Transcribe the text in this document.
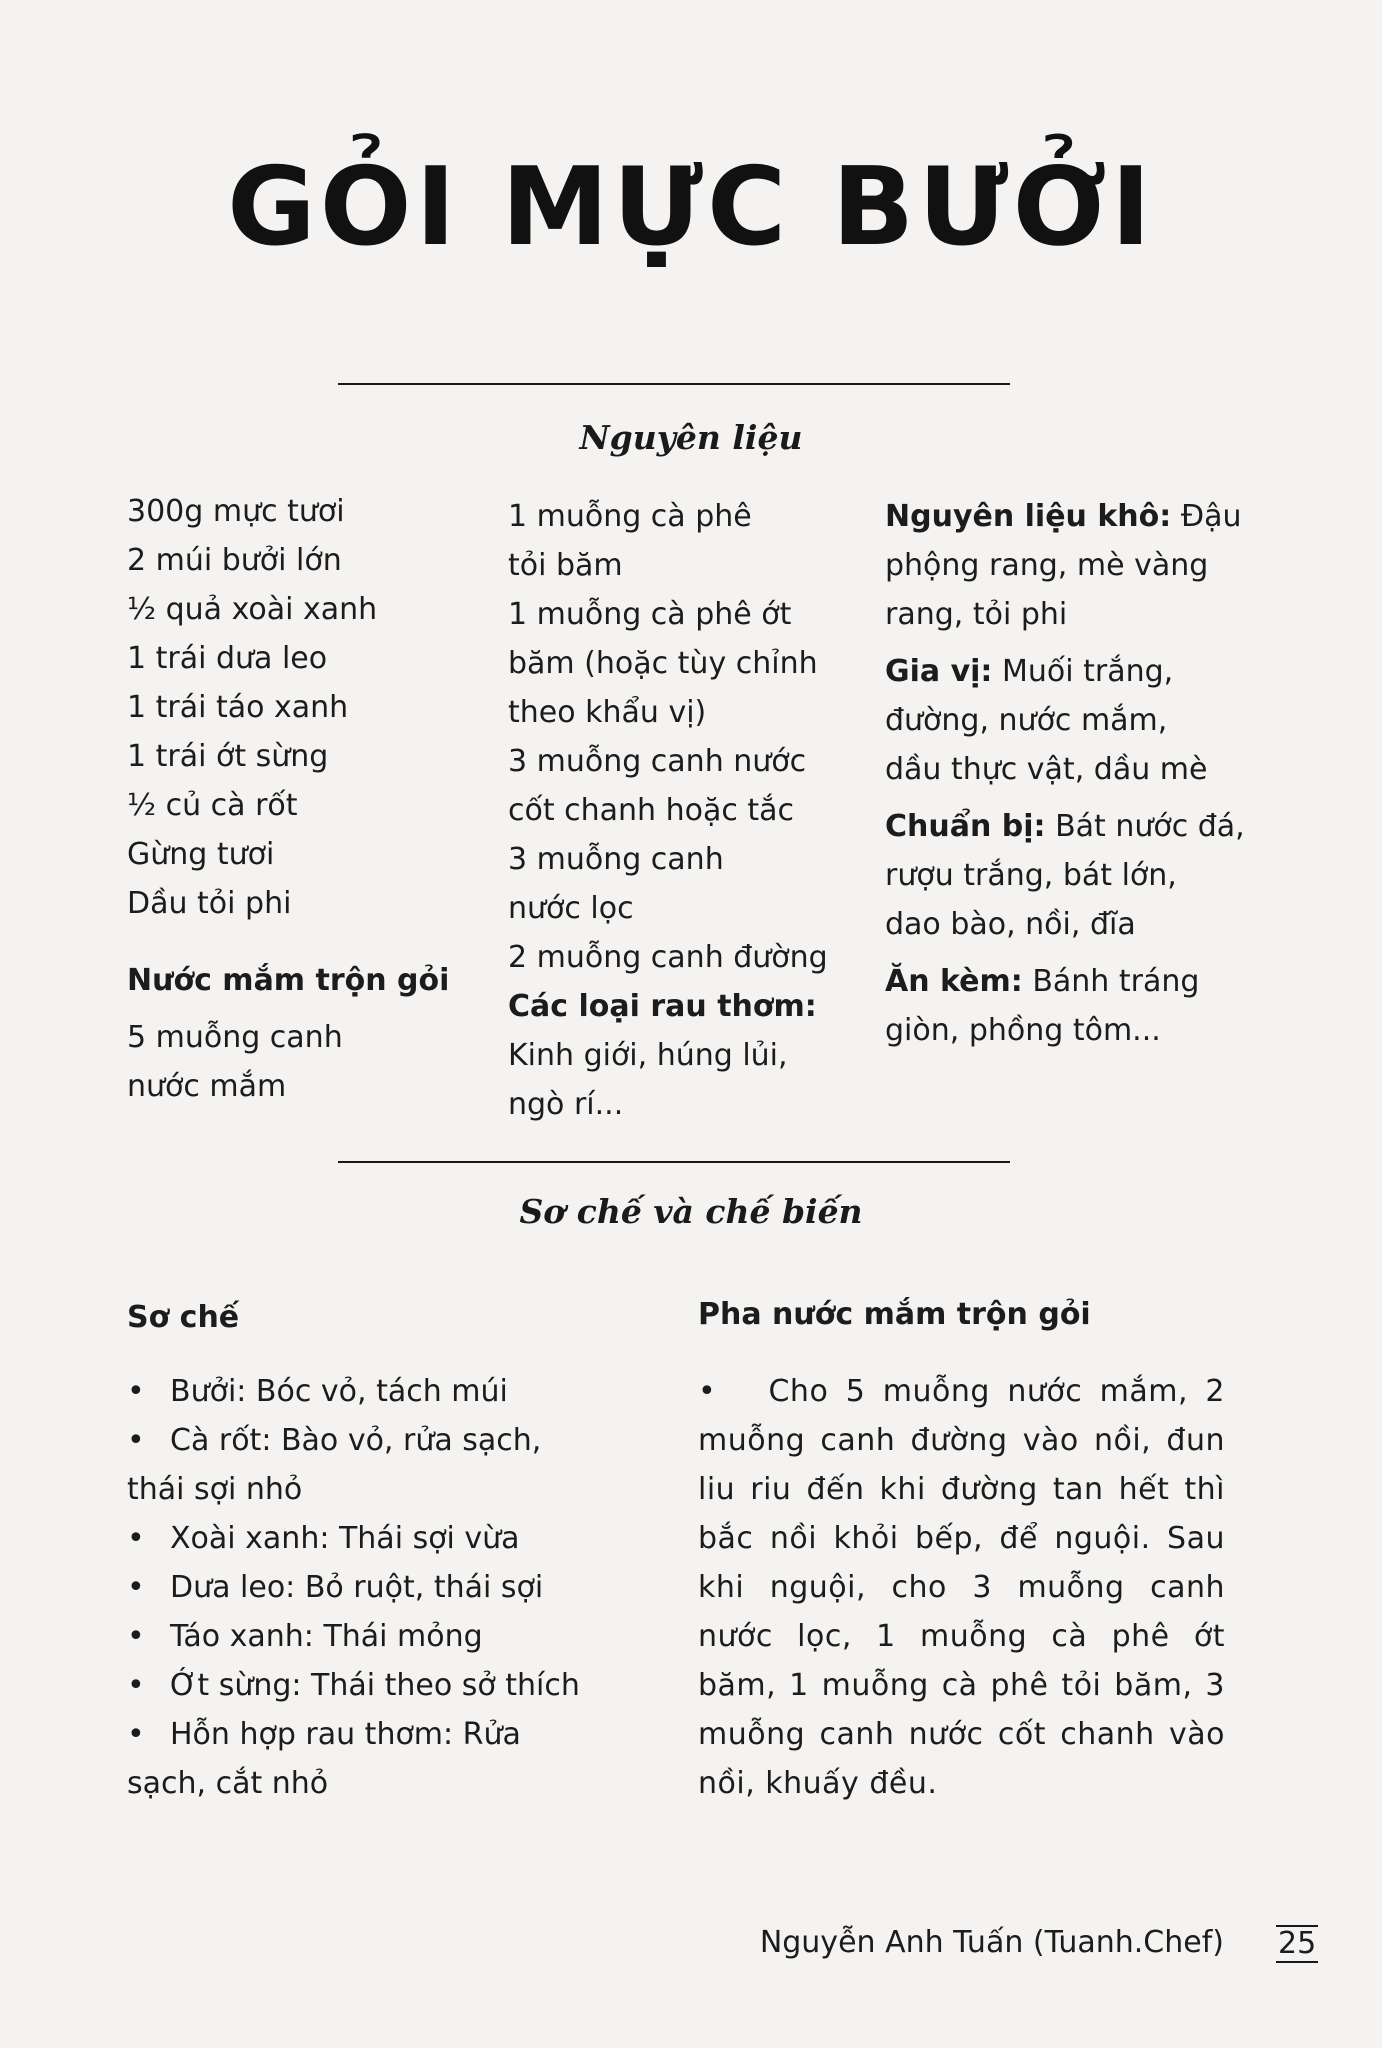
GỎI MỰC BƯỞI
Nguyên liệu
300g mực tươi
2 múi bưởi lớn
½ quả xoài xanh
1 trái dưa leo
1 trái táo xanh
1 trái ớt sừng
½ củ cà rốt
Gừng tươi
Dầu tỏi phi
Nước mắm trộn gỏi
5 muỗng canh
nước mắm
1 muỗng cà phê
tỏi băm
1 muỗng cà phê ớt
băm (hoặc tùy chỉnh
theo khẩu vị)
3 muỗng canh nước
cốt chanh hoặc tắc
3 muỗng canh
nước lọc
2 muỗng canh đường
Các loại rau thơm:
Kinh giới, húng lủi,
ngò rí...
Nguyên liệu khô: Đậu
phộng rang, mè vàng
rang, tỏi phi
Gia vị: Muối trắng,
đường, nước mắm,
dầu thực vật, dầu mè
Chuẩn bị: Bát nước đá,
rượu trắng, bát lớn,
dao bào, nồi, đĩa
Ăn kèm: Bánh tráng
giòn, phồng tôm...
Sơ chế và chế biến
Sơ chế
• Bưởi: Bóc vỏ, tách múi
• Cà rốt: Bào vỏ, rửa sạch,
thái sợi nhỏ
• Xoài xanh: Thái sợi vừa
• Dưa leo: Bỏ ruột, thái sợi
• Táo xanh: Thái mỏng
• Ớt sừng: Thái theo sở thích
• Hỗn hợp rau thơm: Rửa
sạch, cắt nhỏ
Pha nước mắm trộn gỏi
•   Cho 5 muỗng nước mắm, 2 muỗng canh đường vào nồi, đun liu riu đến khi đường tan hết thì bắc nồi khỏi bếp, để nguội. Sau khi nguội, cho 3 muỗng canh nước lọc, 1 muỗng cà phê ớt băm, 1 muỗng cà phê tỏi băm, 3 muỗng canh nước cốt chanh vào nồi, khuấy đều.
Nguyễn Anh Tuấn (Tuanh.Chef) 25
